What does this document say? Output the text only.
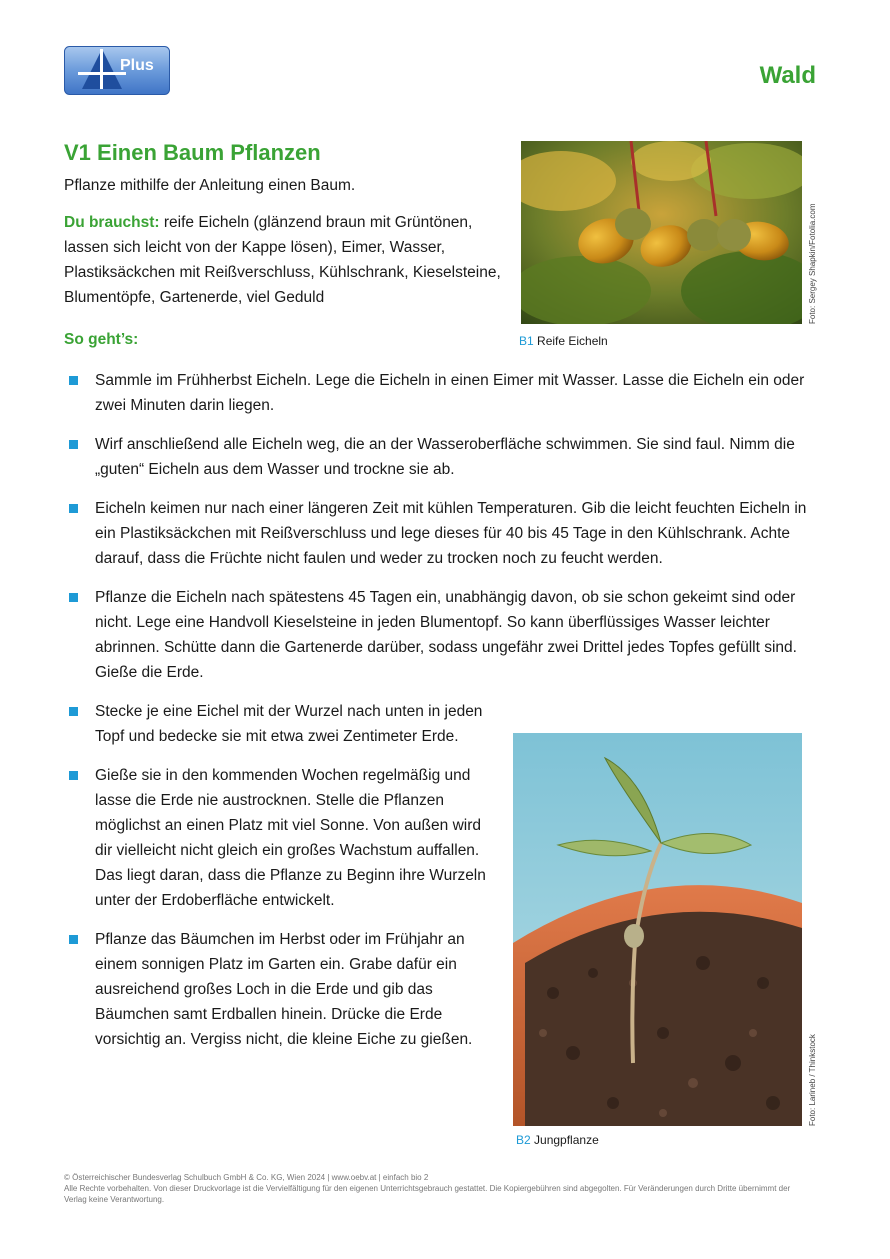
Plus	Wald
V1 Einen Baum Pflanzen
Pflanze mithilfe der Anleitung einen Baum.
Du brauchst: reife Eicheln (glänzend braun mit Grüntönen, lassen sich leicht von der Kappe lösen), Eimer, Wasser, Plastiksäckchen mit Reißverschluss, Kühlschrank, Kieselsteine, Blumentöpfe, Gartenerde, viel Geduld
So geht’s:
Foto: Sergey Shapkin/Fotolia.com
B1 Reife Eicheln
Sammle im Frühherbst Eicheln. Lege die Eicheln in einen Eimer mit Wasser. Lasse die Eicheln ein oder zwei Minuten darin liegen.
Wirf anschließend alle Eicheln weg, die an der Wasseroberfläche schwimmen. Sie sind faul. Nimm die „guten“ Eicheln aus dem Wasser und trockne sie ab.
Eicheln keimen nur nach einer längeren Zeit mit kühlen Temperaturen. Gib die leicht feuchten Eicheln in ein Plastiksäckchen mit Reißverschluss und lege dieses für 40 bis 45 Tage in den Kühlschrank. Achte darauf, dass die Früchte nicht faulen und weder zu trocken noch zu feucht werden.
Pflanze die Eicheln nach spätestens 45 Tagen ein, unabhängig davon, ob sie schon gekeimt sind oder nicht. Lege eine Handvoll Kieselsteine in jeden Blumentopf. So kann überflüssiges Wasser leichter abrinnen. Schütte dann die Gartenerde darüber, sodass ungefähr zwei Drittel jedes Topfes gefüllt sind. Gieße die Erde.
Stecke je eine Eichel mit der Wurzel nach unten in jeden Topf und bedecke sie mit etwa zwei Zentimeter Erde.
Gieße sie in den kommenden Wochen regelmäßig und lasse die Erde nie austrocknen. Stelle die Pflanzen möglichst an einen Platz mit viel Sonne. Von außen wird dir vielleicht nicht gleich ein großes Wachstum auffallen. Das liegt daran, dass die Pflanze zu Beginn ihre Wurzeln unter der Erdoberfläche entwickelt.
Pflanze das Bäumchen im Herbst oder im Frühjahr an einem sonnigen Platz im Garten ein. Grabe dafür ein ausreichend großes Loch in die Erde und gib das Bäumchen samt Erdballen hinein. Drücke die Erde vorsichtig an. Vergiss nicht, die kleine Eiche zu gießen.	Foto: Larineb / Thinkstock
B2 Jungpflanze

© Österreichischer Bundesverlag Schulbuch GmbH & Co. KG, Wien 2024 | www.oebv.at | einfach bio 2

Alle Rechte vorbehalten. Von dieser Druckvorlage ist die Vervielfältigung für den eigenen Unterrichtsgebrauch gestattet. Die Kopiergebühren sind abgegolten. Für Veränderungen durch Dritte übernimmt der Verlag keine Verantwortung.
